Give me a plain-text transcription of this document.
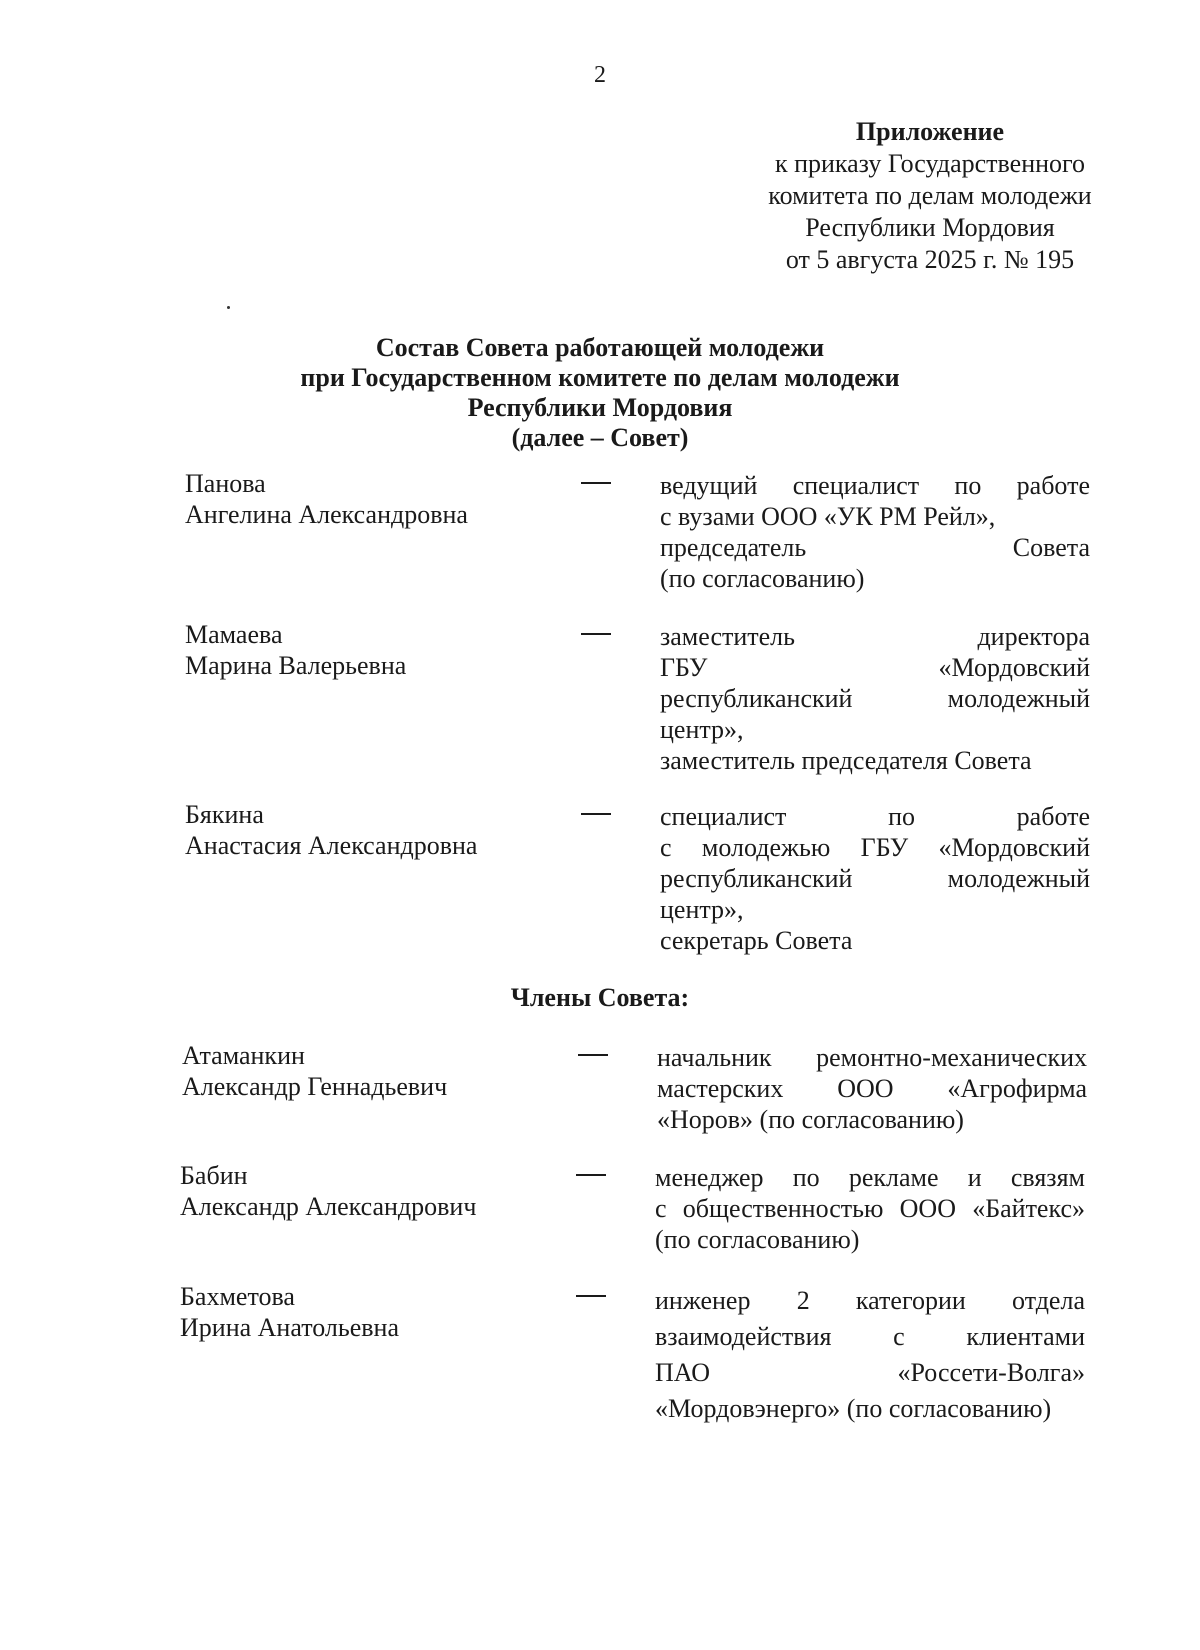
2
Приложение
к приказу Государственного
комитета по делам молодежи
Республики Мордовия
от 5 августа 2025 г. № 195
Состав Совета работающей молодежи
при Государственном комитете по делам молодежи
Республики Мордовия
(далее – Совет)
Панова
Ангелина Александровна
ведущий специалист по работе
с вузами ООО «УК РМ Рейл»,
председатель Совета
(по согласованию)
Мамаева
Марина Валерьевна
заместитель директора
ГБУ «Мордовский
республиканский молодежный
центр»,
заместитель председателя Совета
Бякина
Анастасия Александровна
специалист по работе
с молодежью ГБУ «Мордовский
республиканский молодежный
центр»,
секретарь Совета
Члены Совета:
Атаманкин
Александр Геннадьевич
начальник ремонтно-механических
мастерских ООО «Агрофирма
«Норов» (по согласованию)
Бабин
Александр Александрович
менеджер по рекламе и связям
с общественностью ООО «Байтекс»
(по согласованию)
Бахметова
Ирина Анатольевна
инженер 2 категории отдела
взаимодействия с клиентами
ПАО «Россети-Волга»
«Мордовэнерго» (по согласованию)
